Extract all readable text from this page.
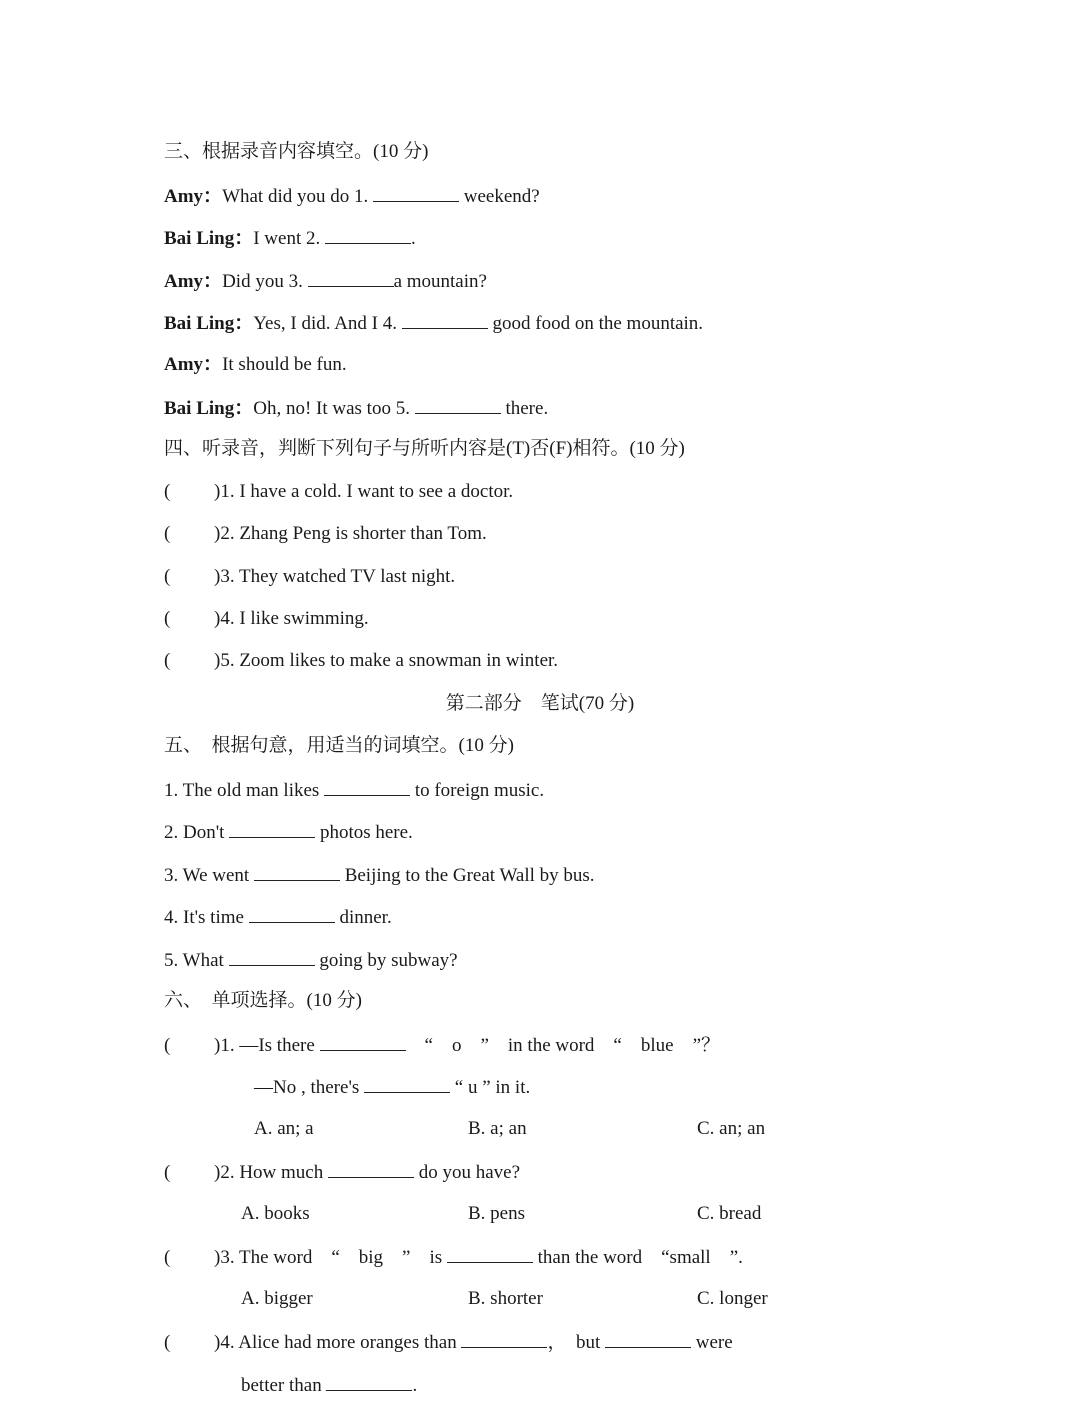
三、根据录音内容填空。(10 分)
Amy：What did you do 1.	weekend?
Bai Ling：I went 2.	.
Amy：Did you 3.	a mountain?
Bai Ling：Yes, I did. And I 4.	good food on the mountain.
Amy：It should be fun.
Bai Ling：Oh, no! It was too 5.	there.
四、听录音，判断下列句子与所听内容是(T)否(F)相符。(10 分)
( )1. I have a cold. I want to see a doctor.
( )2. Zhang Peng is shorter than Tom.
( )3. They watched TV last night.
( )4. I like swimming.
( )5. Zoom likes to make a snowman in winter.
第二部分　笔试(70 分)
五、　根据句意，用适当的词填空。(10 分)
1. The old man likes	to foreign music.
2. Don't	photos here.
3. We went	Beijing to the Great Wall by bus.
4. It's time	dinner.
5. What	going by subway?
六、　单项选择。(10 分)
( )1. —Is there	　“　o　”　in the word　“　blue　”？
—No , there's	“ u ” in it.
A. an; a	B. a; an	C. an; an
( )2. How much	do you have?
A. books	B. pens	C. bread
( )3. The word　“　big　”　is	than the word　“small　”.
A. bigger	B. shorter	C. longer
( )4. Alice had more oranges than	，　but	were
better than	.
